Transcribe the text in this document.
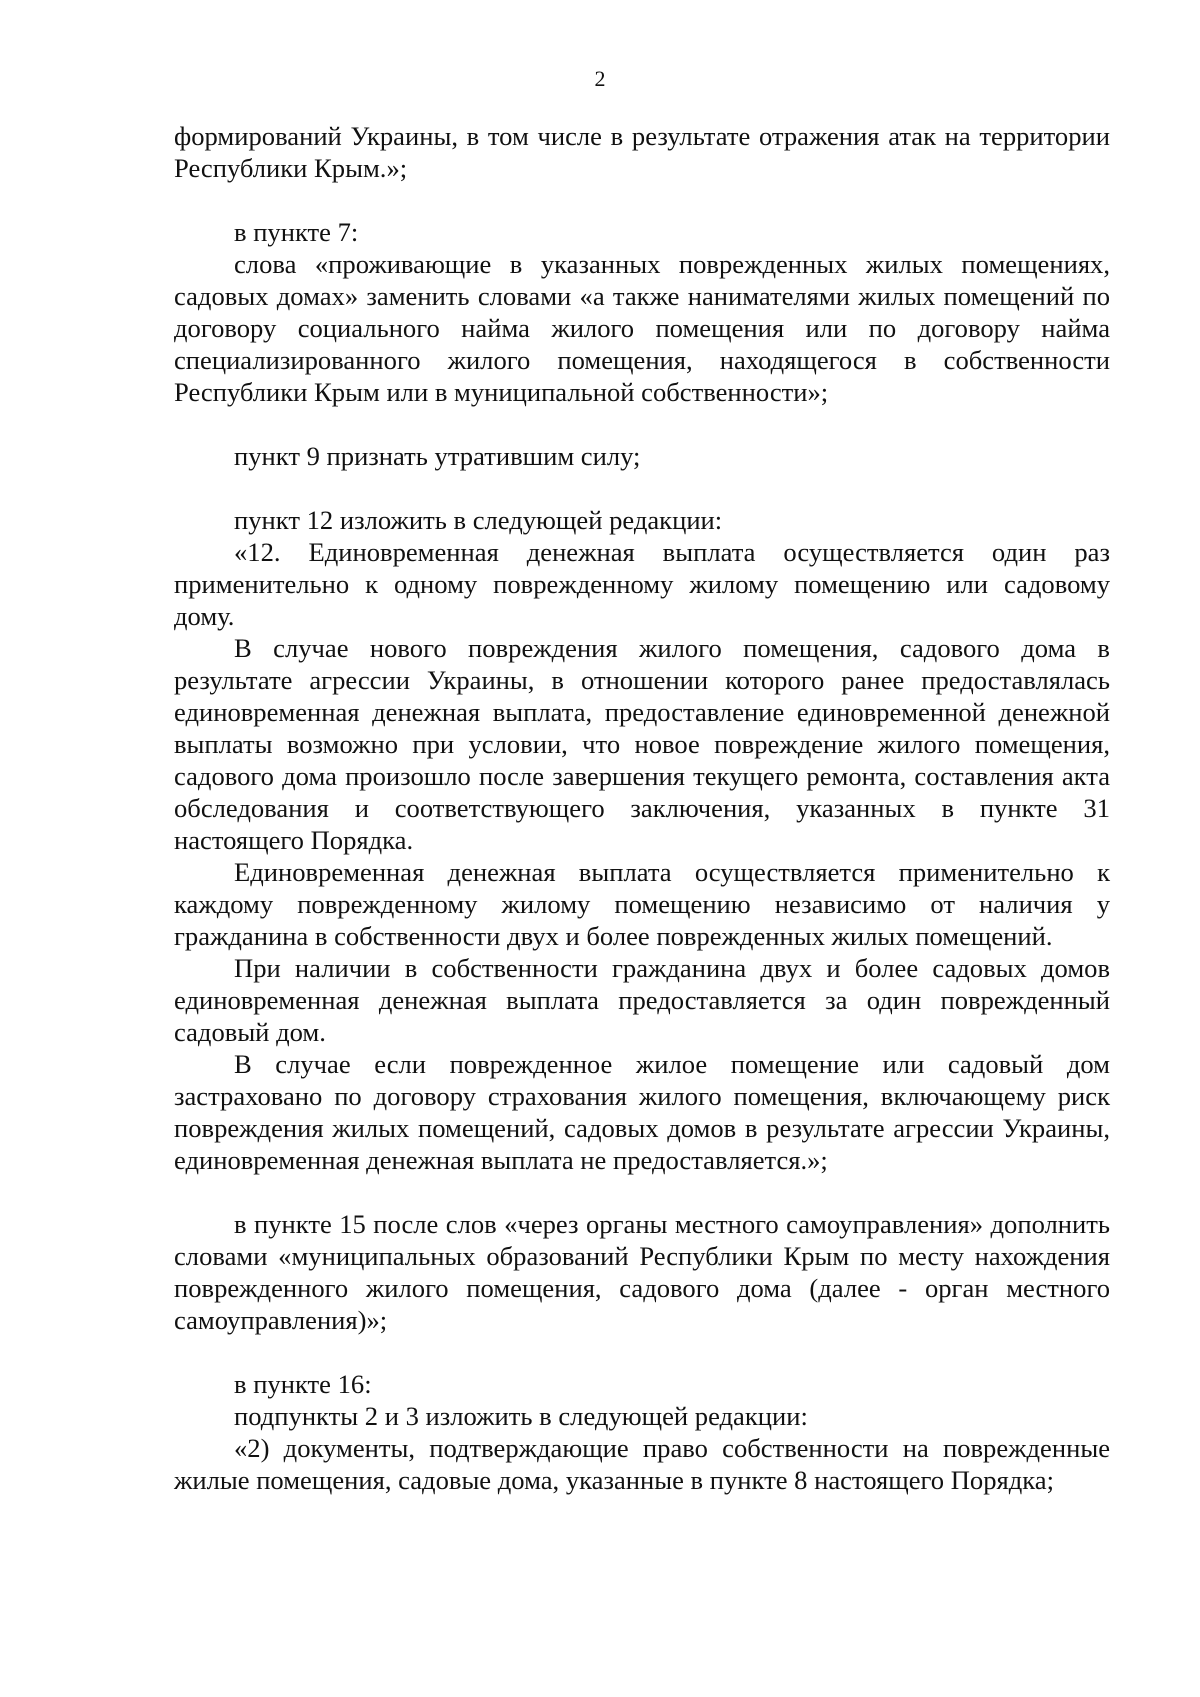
2

формирований Украины, в том числе в результате отражения атак на территории Республики Крым.»;

в пункте 7:

слова «проживающие в указанных поврежденных жилых помещениях, садовых домах» заменить словами «а также нанимателями жилых помещений по договору социального найма жилого помещения или по договору найма специализированного жилого помещения, находящегося в собственности Республики Крым или в муниципальной собственности»;

пункт 9 признать утратившим силу;

пункт 12 изложить в следующей редакции:

«12. Единовременная денежная выплата осуществляется один раз применительно к одному поврежденному жилому помещению или садовому дому.

В случае нового повреждения жилого помещения, садового дома в результате агрессии Украины, в отношении которого ранее предоставлялась единовременная денежная выплата, предоставление единовременной денежной выплаты возможно при условии, что новое повреждение жилого помещения, садового дома произошло после завершения текущего ремонта, составления акта обследования и соответствующего заключения, указанных в пункте 31 настоящего Порядка.

Единовременная денежная выплата осуществляется применительно к каждому поврежденному жилому помещению независимо от наличия у гражданина в собственности двух и более поврежденных жилых помещений.

При наличии в собственности гражданина двух и более садовых домов единовременная денежная выплата предоставляется за один поврежденный садовый дом.

В случае если поврежденное жилое помещение или садовый дом застраховано по договору страхования жилого помещения, включающему риск повреждения жилых помещений, садовых домов в результате агрессии Украины, единовременная денежная выплата не предоставляется.»;

в пункте 15 после слов «через органы местного самоуправления» дополнить словами «муниципальных образований Республики Крым по месту нахождения поврежденного жилого помещения, садового дома (далее - орган местного самоуправления)»;

в пункте 16:

подпункты 2 и 3 изложить в следующей редакции:

«2) документы, подтверждающие право собственности на поврежденные жилые помещения, садовые дома, указанные в пункте 8 настоящего Порядка;
